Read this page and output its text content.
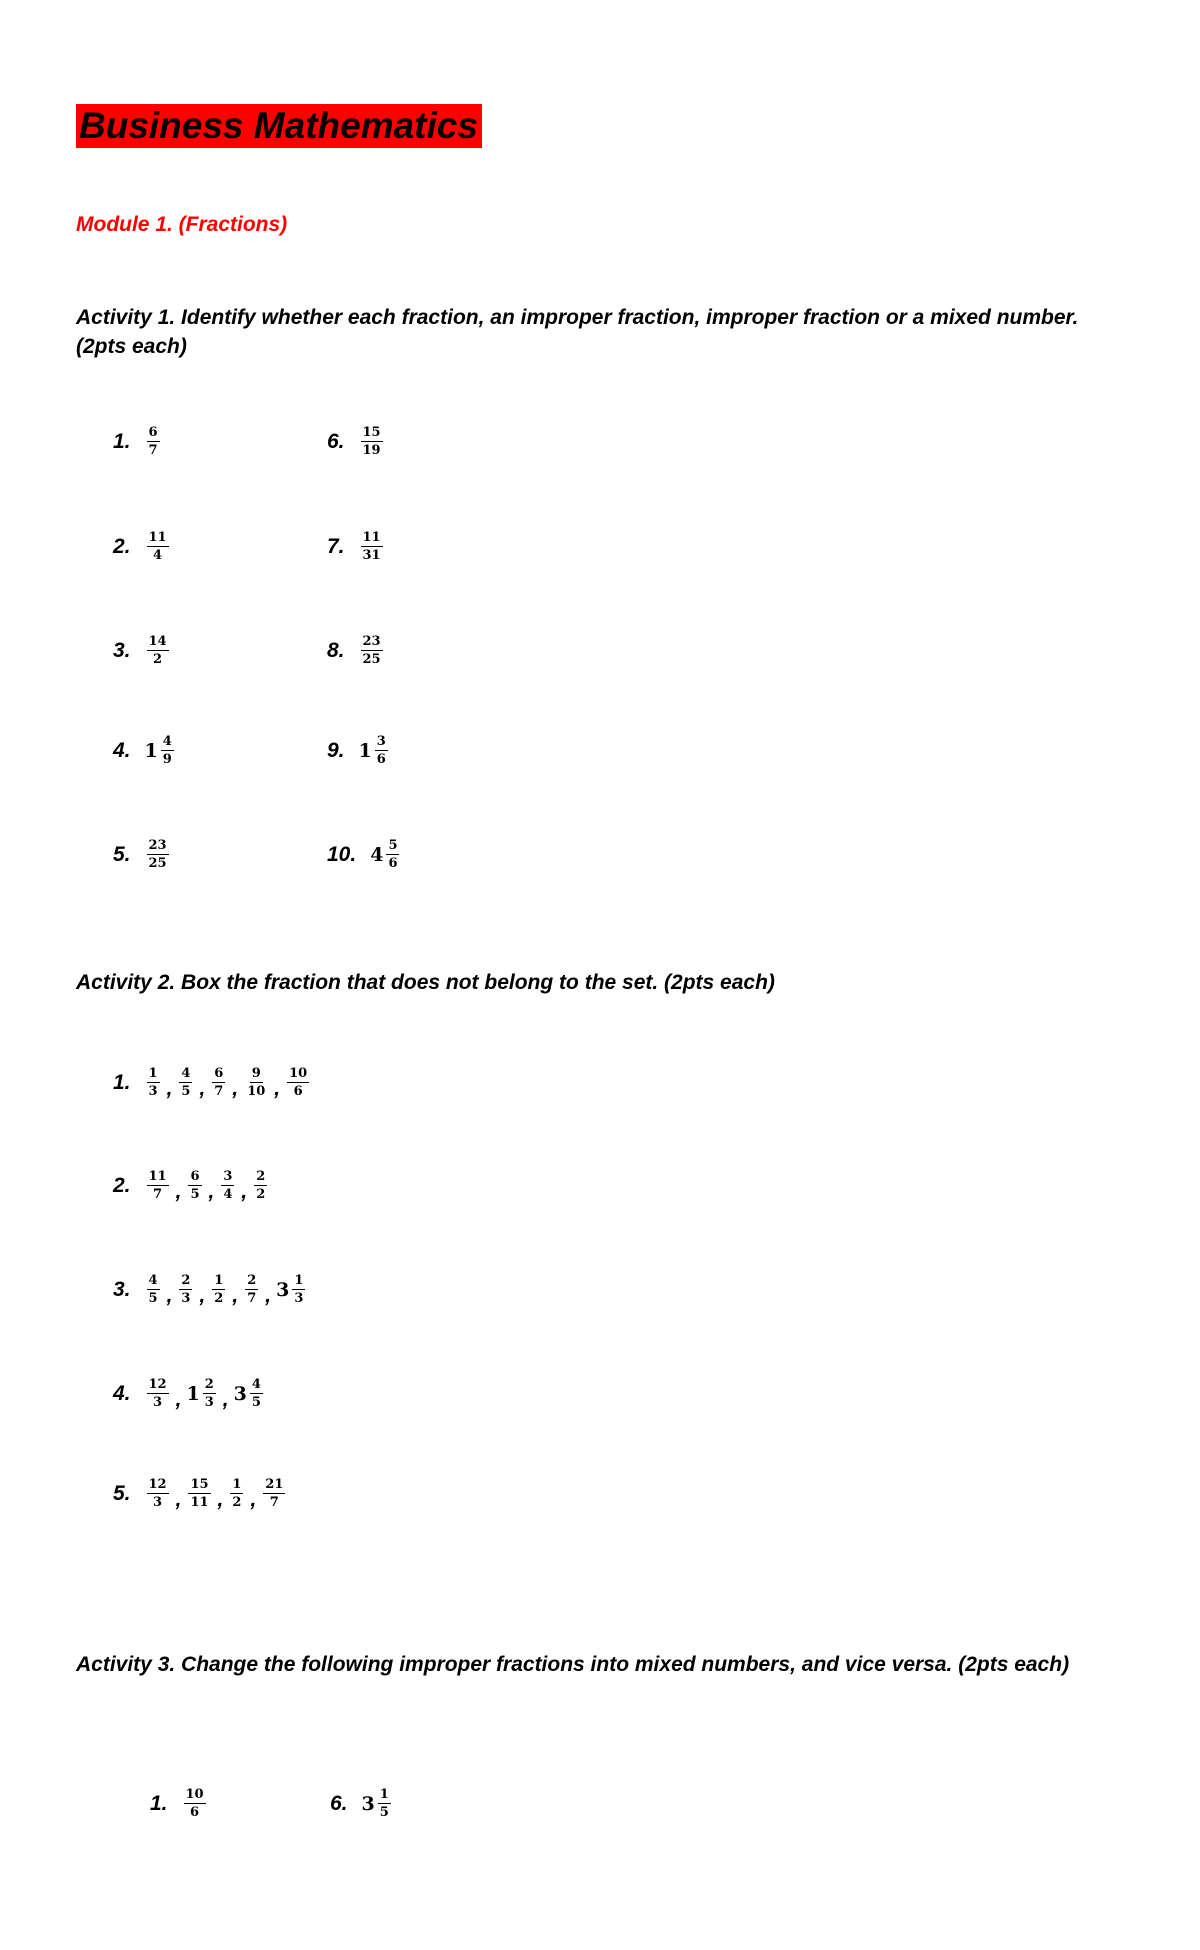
Business Mathematics
Module 1. (Fractions)
Activity 1. Identify whether each fraction, an improper fraction, improper fraction or a mixed number. (2pts each)
Activity 2. Box the fraction that does not belong to the set. (2pts each)
Activity 3. Change the following improper fractions into mixed numbers, and vice versa. (2pts each)
1. $\frac{6}{7}$
2. $\frac{11}{4}$
3. $\frac{14}{2}$
4. $1 \frac{4}{9}$
5. $\frac{23}{25}$
6. $\frac{15}{19}$
7. $\frac{11}{31}$
8. $\frac{23}{25}$
9. $1 \frac{3}{6}$
10. $4 \frac{5}{6}$
1. $\frac{1}{3}$ , $\frac{4}{5}$ , $\frac{6}{7}$ , $\frac{9}{10}$ , $\frac{10}{6}$
2. $\frac{11}{7}$ , $\frac{6}{5}$ , $\frac{3}{4}$ , $\frac{2}{2}$
3. $\frac{4}{5}$ , $\frac{2}{3}$ , $\frac{1}{2}$ , $\frac{2}{7}$ , $3 \frac{1}{3}$
4. $\frac{12}{3}$ , $1 \frac{2}{3}$ , $3 \frac{4}{5}$
5. $\frac{12}{3}$ , $\frac{15}{11}$ , $\frac{1}{2}$ , $\frac{21}{7}$
1. $\frac{10}{6}$	6. $3 \frac{1}{5}$
